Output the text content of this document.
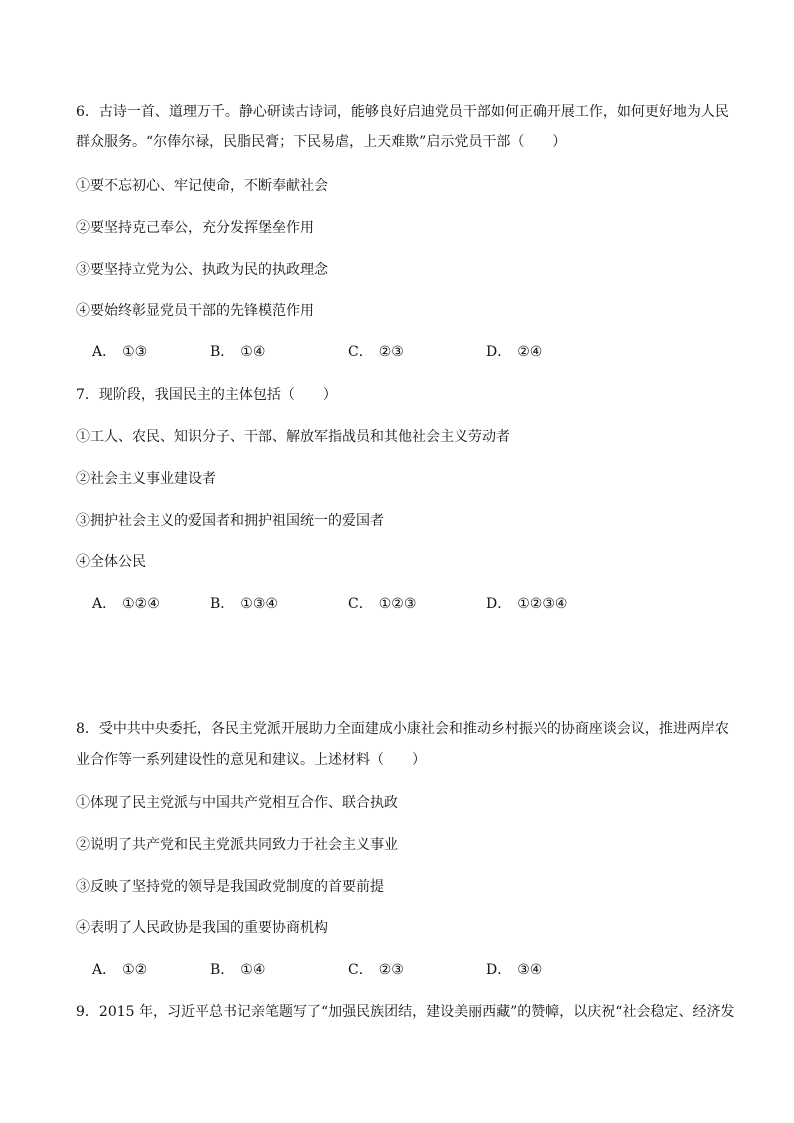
6．古诗一首、道理万千。静心研读古诗词，能够良好启迪党员干部如何正确开展工作，如何更好地为人民
群众服务。“尔俸尔禄，民脂民膏；下民易虐，上天难欺”启示党员干部（　　）
①要不忘初心、牢记使命，不断奉献社会
②要坚持克己奉公，充分发挥堡垒作用
③要坚持立党为公、执政为民的执政理念
④要始终彰显党员干部的先锋模范作用
A． ①③	B． ①④	C． ②③	D． ②④
7．现阶段，我国民主的主体包括（　　）
①工人、农民、知识分子、干部、解放军指战员和其他社会主义劳动者
②社会主义事业建设者
③拥护社会主义的爱国者和拥护祖国统一的爱国者
④全体公民
A． ①②④	B． ①③④	C． ①②③	D． ①②③④
8．受中共中央委托，各民主党派开展助力全面建成小康社会和推动乡村振兴的协商座谈会议，推进两岸农
业合作等一系列建设性的意见和建议。上述材料（　　）
①体现了民主党派与中国共产党相互合作、联合执政
②说明了共产党和民主党派共同致力于社会主义事业
③反映了坚持党的领导是我国政党制度的首要前提
④表明了人民政协是我国的重要协商机构
A． ①②	B． ①④	C． ②③	D． ③④
9．2015 年，习近平总书记亲笔题写了“加强民族团结，建设美丽西藏”的赞幛，以庆祝“社会稳定、经济发
